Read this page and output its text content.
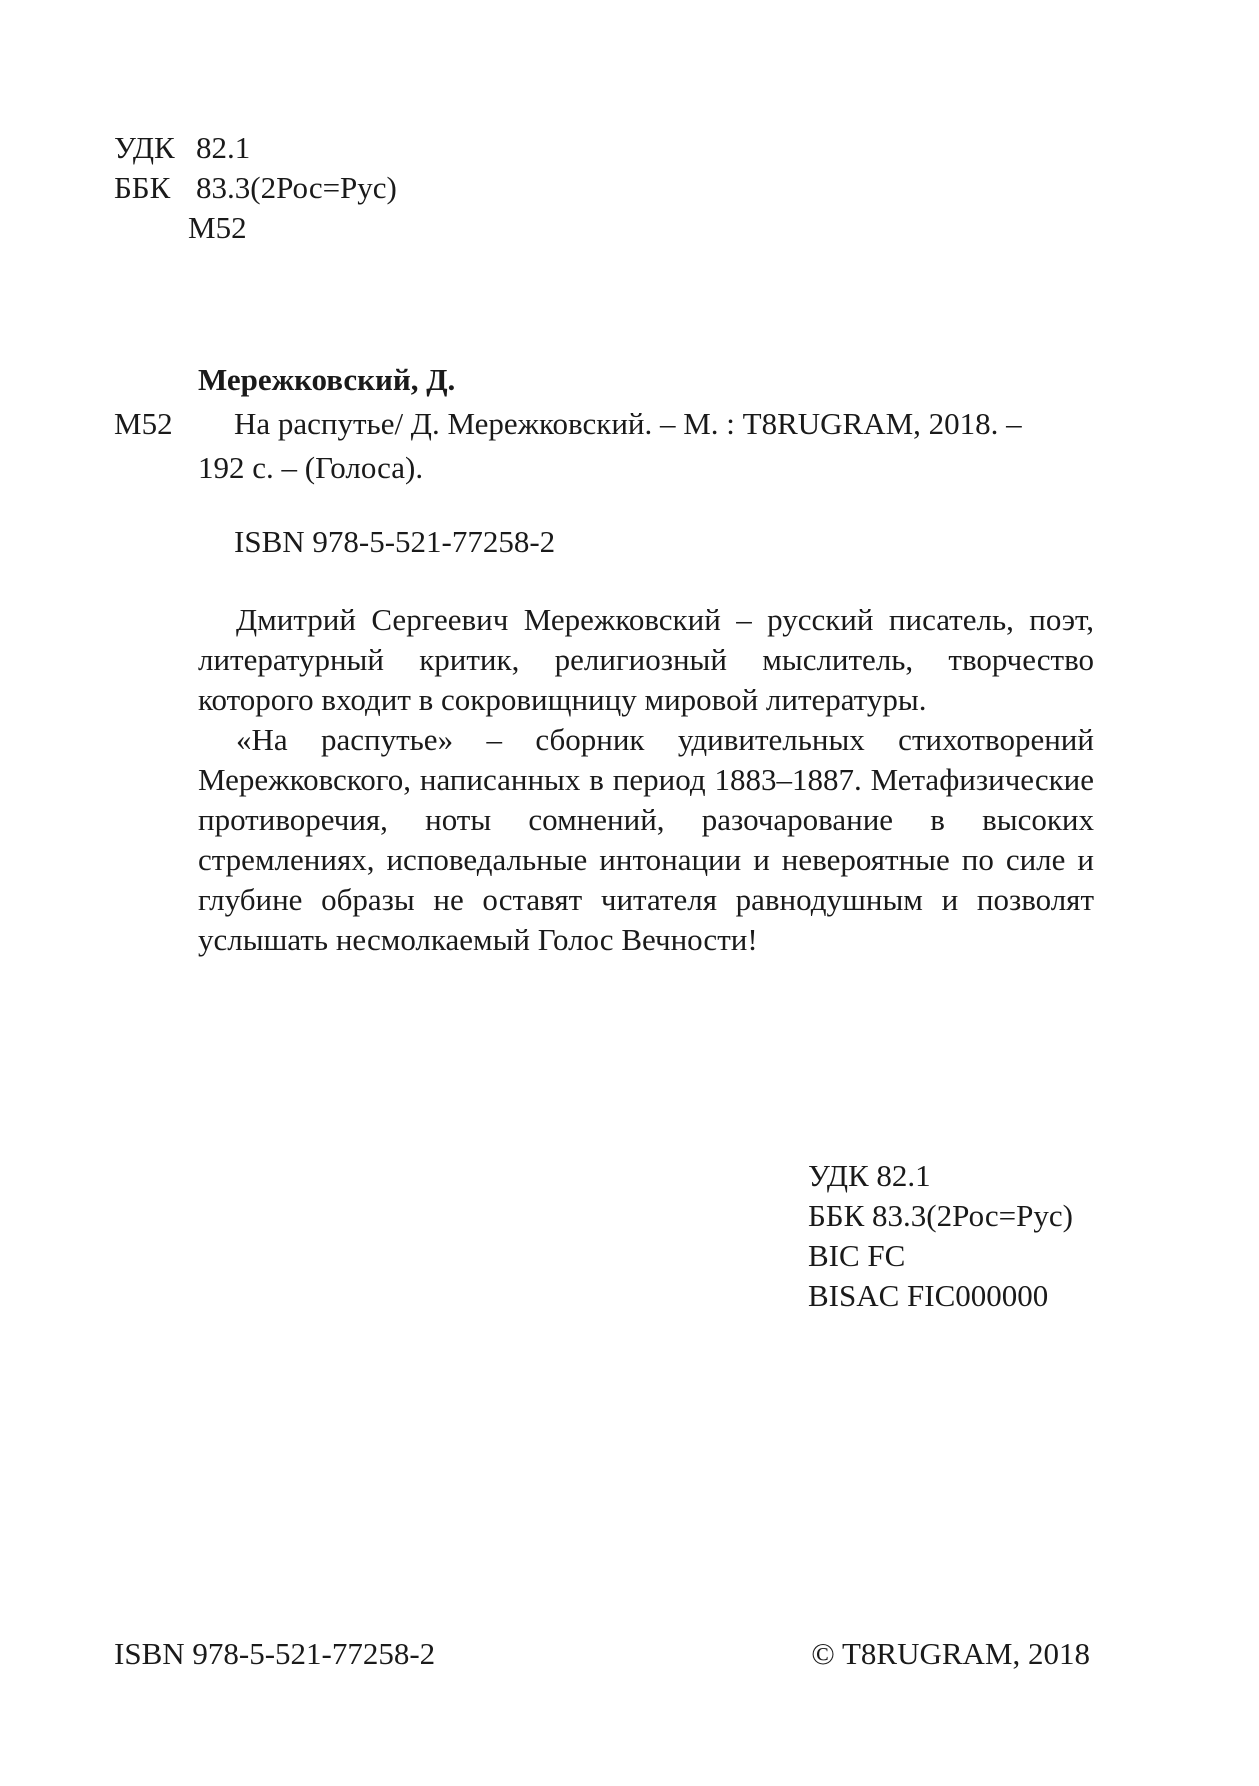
УДК 82.1
ББК 83.3(2Рос=Рус)
М52
Мережковский, Д.
М52 На распутье/ Д. Мережковский. – М. : T8RUGRAM, 2018. –
192 с. – (Голоса).
ISBN 978-5-521-77258-2

Дмитрий Сергеевич Мережковский – русский писатель, поэт, литературный критик, религиозный мыслитель, творчество которого входит в сокровищницу мировой литературы.

«На распутье» – сборник удивительных стихотворений Мережковского, написанных в период 1883–1887. Метафизические противоречия, ноты сомнений, разочарование в высоких стремлениях, исповедальные интонации и невероятные по силе и глубине образы не оставят читателя равнодушным и позволят услышать несмолкаемый Голос Вечности!

УДК 82.1
ББК 83.3(2Рос=Рус)
BIC FC
BISAC FIC000000
ISBN 978-5-521-77258-2	© T8RUGRAM, 2018
